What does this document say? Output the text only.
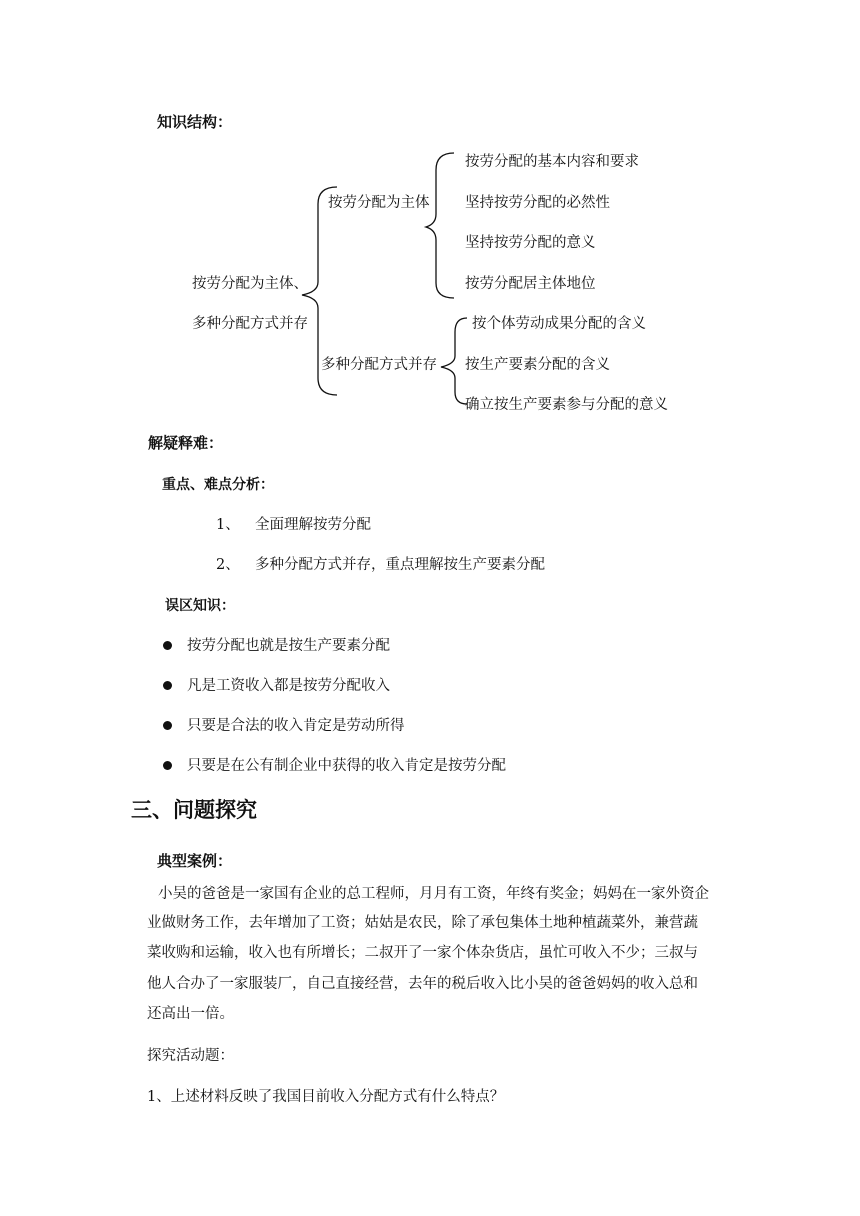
知识结构：
按劳分配为主体、
多种分配方式并存
按劳分配为主体
多种分配方式并存
按劳分配的基本内容和要求
坚持按劳分配的必然性
坚持按劳分配的意义
按劳分配居主体地位
按个体劳动成果分配的含义
按生产要素分配的含义
确立按生产要素参与分配的意义
解疑释难：
重点、难点分析：
1、 全面理解按劳分配
2、 多种分配方式并存，重点理解按生产要素分配
误区知识：
按劳分配也就是按生产要素分配
凡是工资收入都是按劳分配收入
只要是合法的收入肯定是劳动所得
只要是在公有制企业中获得的收入肯定是按劳分配
三、问题探究
典型案例：
小吴的爸爸是一家国有企业的总工程师，月月有工资，年终有奖金；妈妈在一家外资企
业做财务工作，去年增加了工资；姑姑是农民，除了承包集体土地种植蔬菜外，兼营蔬
菜收购和运输，收入也有所增长；二叔开了一家个体杂货店，虽忙可收入不少；三叔与
他人合办了一家服装厂，自己直接经营，去年的税后收入比小吴的爸爸妈妈的收入总和
还高出一倍。
探究活动题：
1、上述材料反映了我国目前收入分配方式有什么特点？
